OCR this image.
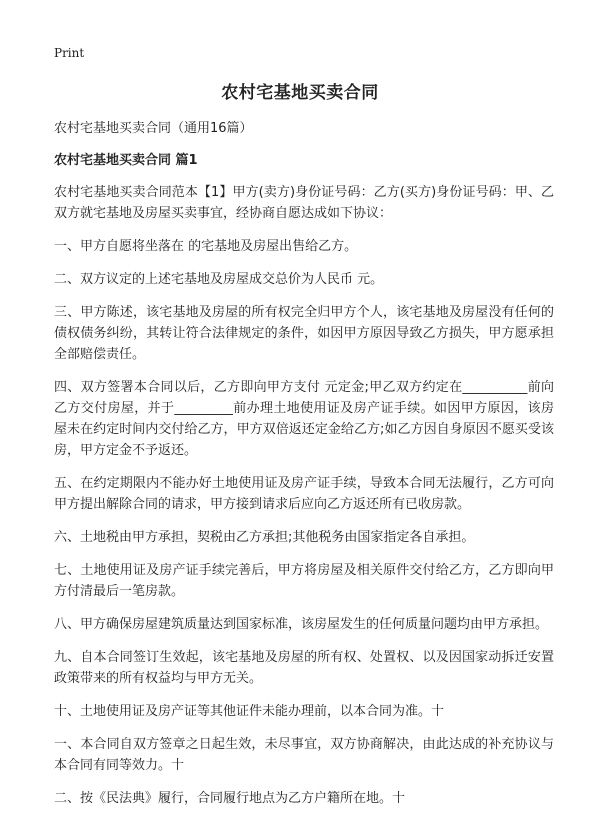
Print
农村宅基地买卖合同

农村宅基地买卖合同（通用16篇）

农村宅基地买卖合同 篇1

农村宅基地买卖合同范本【1】甲方(卖方)身份证号码：乙方(买方)身份证号码：甲、乙双方就宅基地及房屋买卖事宜，经协商自愿达成如下协议：

一、甲方自愿将坐落在 的宅基地及房屋出售给乙方。

二、双方议定的上述宅基地及房屋成交总价为人民币 元。

三、甲方陈述，该宅基地及房屋的所有权完全归甲方个人，该宅基地及房屋没有任何的债权债务纠纷，其转让符合法律规定的条件，如因甲方原因导致乙方损失，甲方愿承担全部赔偿责任。

四、双方签署本合同以后，乙方即向甲方支付 元定金;甲乙双方约定在__________前向乙方交付房屋，并于_________前办理土地使用证及房产证手续。如因甲方原因，该房屋未在约定时间内交付给乙方，甲方双倍返还定金给乙方;如乙方因自身原因不愿买受该房，甲方定金不予返还。

五、在约定期限内不能办好土地使用证及房产证手续，导致本合同无法履行，乙方可向甲方提出解除合同的请求，甲方接到请求后应向乙方返还所有已收房款。

六、土地税由甲方承担，契税由乙方承担;其他税务由国家指定各自承担。

七、土地使用证及房产证手续完善后，甲方将房屋及相关原件交付给乙方，乙方即向甲方付清最后一笔房款。

八、甲方确保房屋建筑质量达到国家标准，该房屋发生的任何质量问题均由甲方承担。

九、自本合同签订生效起，该宅基地及房屋的所有权、处置权、以及因国家动拆迁安置政策带来的所有权益均与甲方无关。

十、土地使用证及房产证等其他证件未能办理前，以本合同为准。十

一、本合同自双方签章之日起生效，未尽事宜，双方协商解决，由此达成的补充协议与本合同有同等效力。十

二、按《民法典》履行，合同履行地点为乙方户籍所在地。十
